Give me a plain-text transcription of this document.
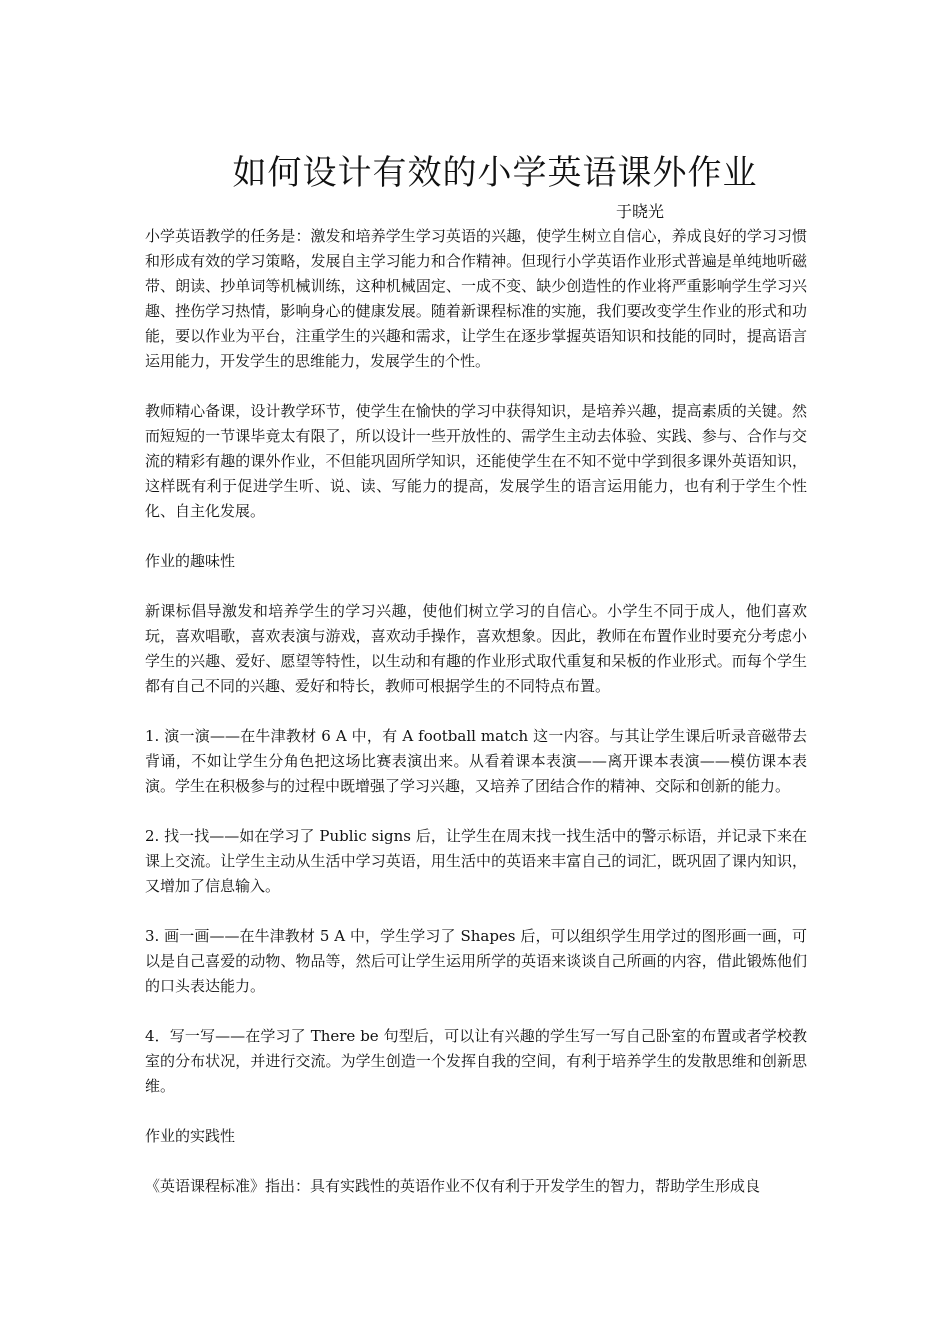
如何设计有效的小学英语课外作业

于晓光

小学英语教学的任务是：激发和培养学生学习英语的兴趣，使学生树立自信心，养成良好的学习习惯和形成有效的学习策略，发展自主学习能力和合作精神。但现行小学英语作业形式普遍是单纯地听磁带、朗读、抄单词等机械训练，这种机械固定、一成不变、缺少创造性的作业将严重影响学生学习兴趣、挫伤学习热情，影响身心的健康发展。随着新课程标准的实施，我们要改变学生作业的形式和功能，要以作业为平台，注重学生的兴趣和需求，让学生在逐步掌握英语知识和技能的同时，提高语言运用能力，开发学生的思维能力，发展学生的个性。

教师精心备课，设计教学环节，使学生在愉快的学习中获得知识，是培养兴趣，提高素质的关键。然而短短的一节课毕竟太有限了，所以设计一些开放性的、需学生主动去体验、实践、参与、合作与交流的精彩有趣的课外作业，不但能巩固所学知识，还能使学生在不知不觉中学到很多课外英语知识，这样既有利于促进学生听、说、读、写能力的提高，发展学生的语言运用能力，也有利于学生个性化、自主化发展。

作业的趣味性

新课标倡导激发和培养学生的学习兴趣，使他们树立学习的自信心。小学生不同于成人，他们喜欢玩，喜欢唱歌，喜欢表演与游戏，喜欢动手操作，喜欢想象。因此，教师在布置作业时要充分考虑小学生的兴趣、爱好、愿望等特性，以生动和有趣的作业形式取代重复和呆板的作业形式。而每个学生都有自己不同的兴趣、爱好和特长，教师可根据学生的不同特点布置。

1. 演一演——在牛津教材 6 A 中，有 A football match 这一内容。与其让学生课后听录音磁带去背诵，不如让学生分角色把这场比赛表演出来。从看着课本表演——离开课本表演——模仿课本表演。学生在积极参与的过程中既增强了学习兴趣，又培养了团结合作的精神、交际和创新的能力。

2. 找一找——如在学习了 Public signs 后，让学生在周末找一找生活中的警示标语，并记录下来在课上交流。让学生主动从生活中学习英语，用生活中的英语来丰富自己的词汇，既巩固了课内知识，又增加了信息输入。

3. 画一画——在牛津教材 5 A 中，学生学习了 Shapes 后，可以组织学生用学过的图形画一画，可以是自己喜爱的动物、物品等，然后可让学生运用所学的英语来谈谈自己所画的内容，借此锻炼他们的口头表达能力。

4．写一写——在学习了 There be 句型后，可以让有兴趣的学生写一写自己卧室的布置或者学校教室的分布状况，并进行交流。为学生创造一个发挥自我的空间，有利于培养学生的发散思维和创新思维。

作业的实践性

《英语课程标准》指出：具有实践性的英语作业不仅有利于开发学生的智力，帮助学生形成良
